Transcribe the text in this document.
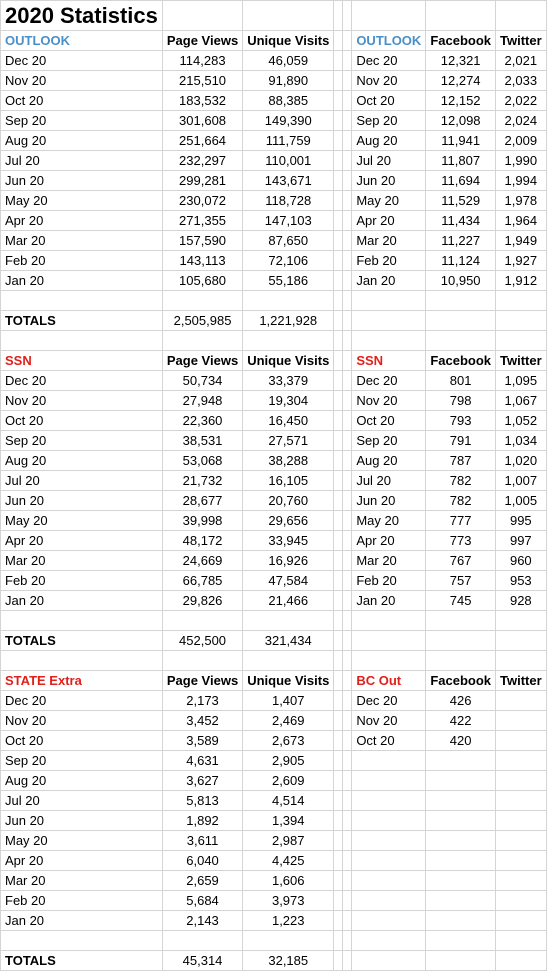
2020 Statistics							
OUTLOOK	Page Views	Unique Visits			OUTLOOK	Facebook	Twitter
Dec 20	114,283	46,059			Dec 20	12,321	2,021
Nov 20	215,510	91,890			Nov 20	12,274	2,033
Oct 20	183,532	88,385			Oct 20	12,152	2,022
Sep 20	301,608	149,390			Sep 20	12,098	2,024
Aug 20	251,664	111,759			Aug 20	11,941	2,009
Jul 20	232,297	110,001			Jul 20	11,807	1,990
Jun 20	299,281	143,671			Jun 20	11,694	1,994
May 20	230,072	118,728			May 20	11,529	1,978
Apr 20	271,355	147,103			Apr 20	11,434	1,964
Mar 20	157,590	87,650			Mar 20	11,227	1,949
Feb 20	143,113	72,106			Feb 20	11,124	1,927
Jan 20	105,680	55,186			Jan 20	10,950	1,912

TOTALS	2,505,985	1,221,928					

SSN	Page Views	Unique Visits			SSN	Facebook	Twitter
Dec 20	50,734	33,379			Dec 20	801	1,095
Nov 20	27,948	19,304			Nov 20	798	1,067
Oct 20	22,360	16,450			Oct 20	793	1,052
Sep 20	38,531	27,571			Sep 20	791	1,034
Aug 20	53,068	38,288			Aug 20	787	1,020
Jul 20	21,732	16,105			Jul 20	782	1,007
Jun 20	28,677	20,760			Jun 20	782	1,005
May 20	39,998	29,656			May 20	777	995
Apr 20	48,172	33,945			Apr 20	773	997
Mar 20	24,669	16,926			Mar 20	767	960
Feb 20	66,785	47,584			Feb 20	757	953
Jan 20	29,826	21,466			Jan 20	745	928

TOTALS	452,500	321,434					

STATE Extra	Page Views	Unique Visits			BC Out	Facebook	Twitter
Dec 20	2,173	1,407			Dec 20	426	
Nov 20	3,452	2,469			Nov 20	422	
Oct 20	3,589	2,673			Oct 20	420	
Sep 20	4,631	2,905					
Aug 20	3,627	2,609					
Jul 20	5,813	4,514					
Jun 20	1,892	1,394					
May 20	3,611	2,987					
Apr 20	6,040	4,425					
Mar 20	2,659	1,606					
Feb 20	5,684	3,973					
Jan 20	2,143	1,223					

TOTALS	45,314	32,185					
